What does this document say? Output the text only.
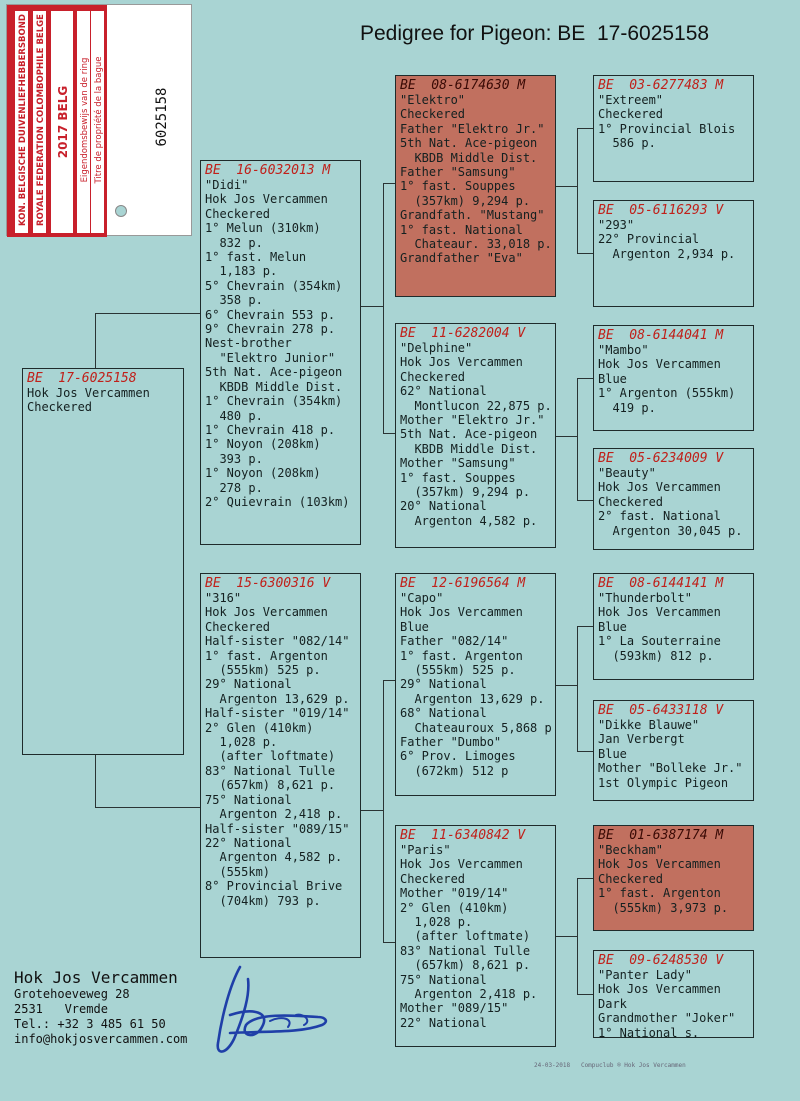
KON. BELGISCHE DUIVENLIEFHEBBERSBOND ROYALE FEDERATION COLOMBOPHILE BELGE 2017 BELG Eigendomsbewijs van de ring Titre de propriété de la bague	6025158
Pedigree for Pigeon: BE  17-6025158
BE  17-6025158
Hok Jos Vercammen
Checkered
BE  16-6032013 M
"Didi"
Hok Jos Vercammen
Checkered
1° Melun (310km)
832 p.
1° fast. Melun
1,183 p.
5° Chevrain (354km)
358 p.
6° Chevrain 553 p.
9° Chevrain 278 p.
Nest-brother
"Elektro Junior"
5th Nat. Ace-pigeon
KBDB Middle Dist.
1° Chevrain (354km)
480 p.
1° Chevrain 418 p.
1° Noyon (208km)
393 p.
1° Noyon (208km)
278 p.
2° Quievrain (103km)
BE  15-6300316 V
"316"
Hok Jos Vercammen
Checkered
Half-sister "082/14"
1° fast. Argenton
(555km) 525 p.
29° National
Argenton 13,629 p.
Half-sister "019/14"
2° Glen (410km)
1,028 p.
(after loftmate)
83° National Tulle
(657km) 8,621 p.
75° National
Argenton 2,418 p.
Half-sister "089/15"
22° National
Argenton 4,582 p.
(555km)
8° Provincial Brive
(704km) 793 p.
BE  08-6174630 M
"Elektro"
Checkered
Father "Elektro Jr."
5th Nat. Ace-pigeon
KBDB Middle Dist.
Father "Samsung"
1° fast. Souppes
(357km) 9,294 p.
Grandfath. "Mustang"
1° fast. National
Chateaur. 33,018 p.
Grandfather "Eva"
BE  11-6282004 V
"Delphine"
Hok Jos Vercammen
Checkered
62° National
Montlucon 22,875 p.
Mother "Elektro Jr."
5th Nat. Ace-pigeon
KBDB Middle Dist.
Mother "Samsung"
1° fast. Souppes
(357km) 9,294 p.
20° National
Argenton 4,582 p.
BE  12-6196564 M
"Capo"
Hok Jos Vercammen
Blue
Father "082/14"
1° fast. Argenton
(555km) 525 p.
29° National
Argenton 13,629 p.
68° National
Chateauroux 5,868 p
Father "Dumbo"
6° Prov. Limoges
(672km) 512 p
BE  11-6340842 V
"Paris"
Hok Jos Vercammen
Checkered
Mother "019/14"
2° Glen (410km)
1,028 p.
(after loftmate)
83° National Tulle
(657km) 8,621 p.
75° National
Argenton 2,418 p.
Mother "089/15"
22° National
BE  03-6277483 M
"Extreem"
Checkered
1° Provincial Blois
586 p.
BE  05-6116293 V
"293"
22° Provincial
Argenton 2,934 p.
BE  08-6144041 M
"Mambo"
Hok Jos Vercammen
Blue
1° Argenton (555km)
419 p.
BE  05-6234009 V
"Beauty"
Hok Jos Vercammen
Checkered
2° fast. National
Argenton 30,045 p.
BE  08-6144141 M
"Thunderbolt"
Hok Jos Vercammen
Blue
1° La Souterraine
(593km) 812 p.
BE  05-6433118 V
"Dikke Blauwe"
Jan Verbergt
Blue
Mother "Bolleke Jr."
1st Olympic Pigeon
BE  01-6387174 M
"Beckham"
Hok Jos Vercammen
Checkered
1° fast. Argenton
(555km) 3,973 p.
BE  09-6248530 V
"Panter Lady"
Hok Jos Vercammen
Dark
Grandmother "Joker"
1° National s.
Hok Jos Vercammen
Grotehoeveweg 28
2531   Vremde
Tel.: +32 3 485 61 50
info@hokjosvercammen.com
24-03-2018   Compuclub ® Hok Jos Vercammen
